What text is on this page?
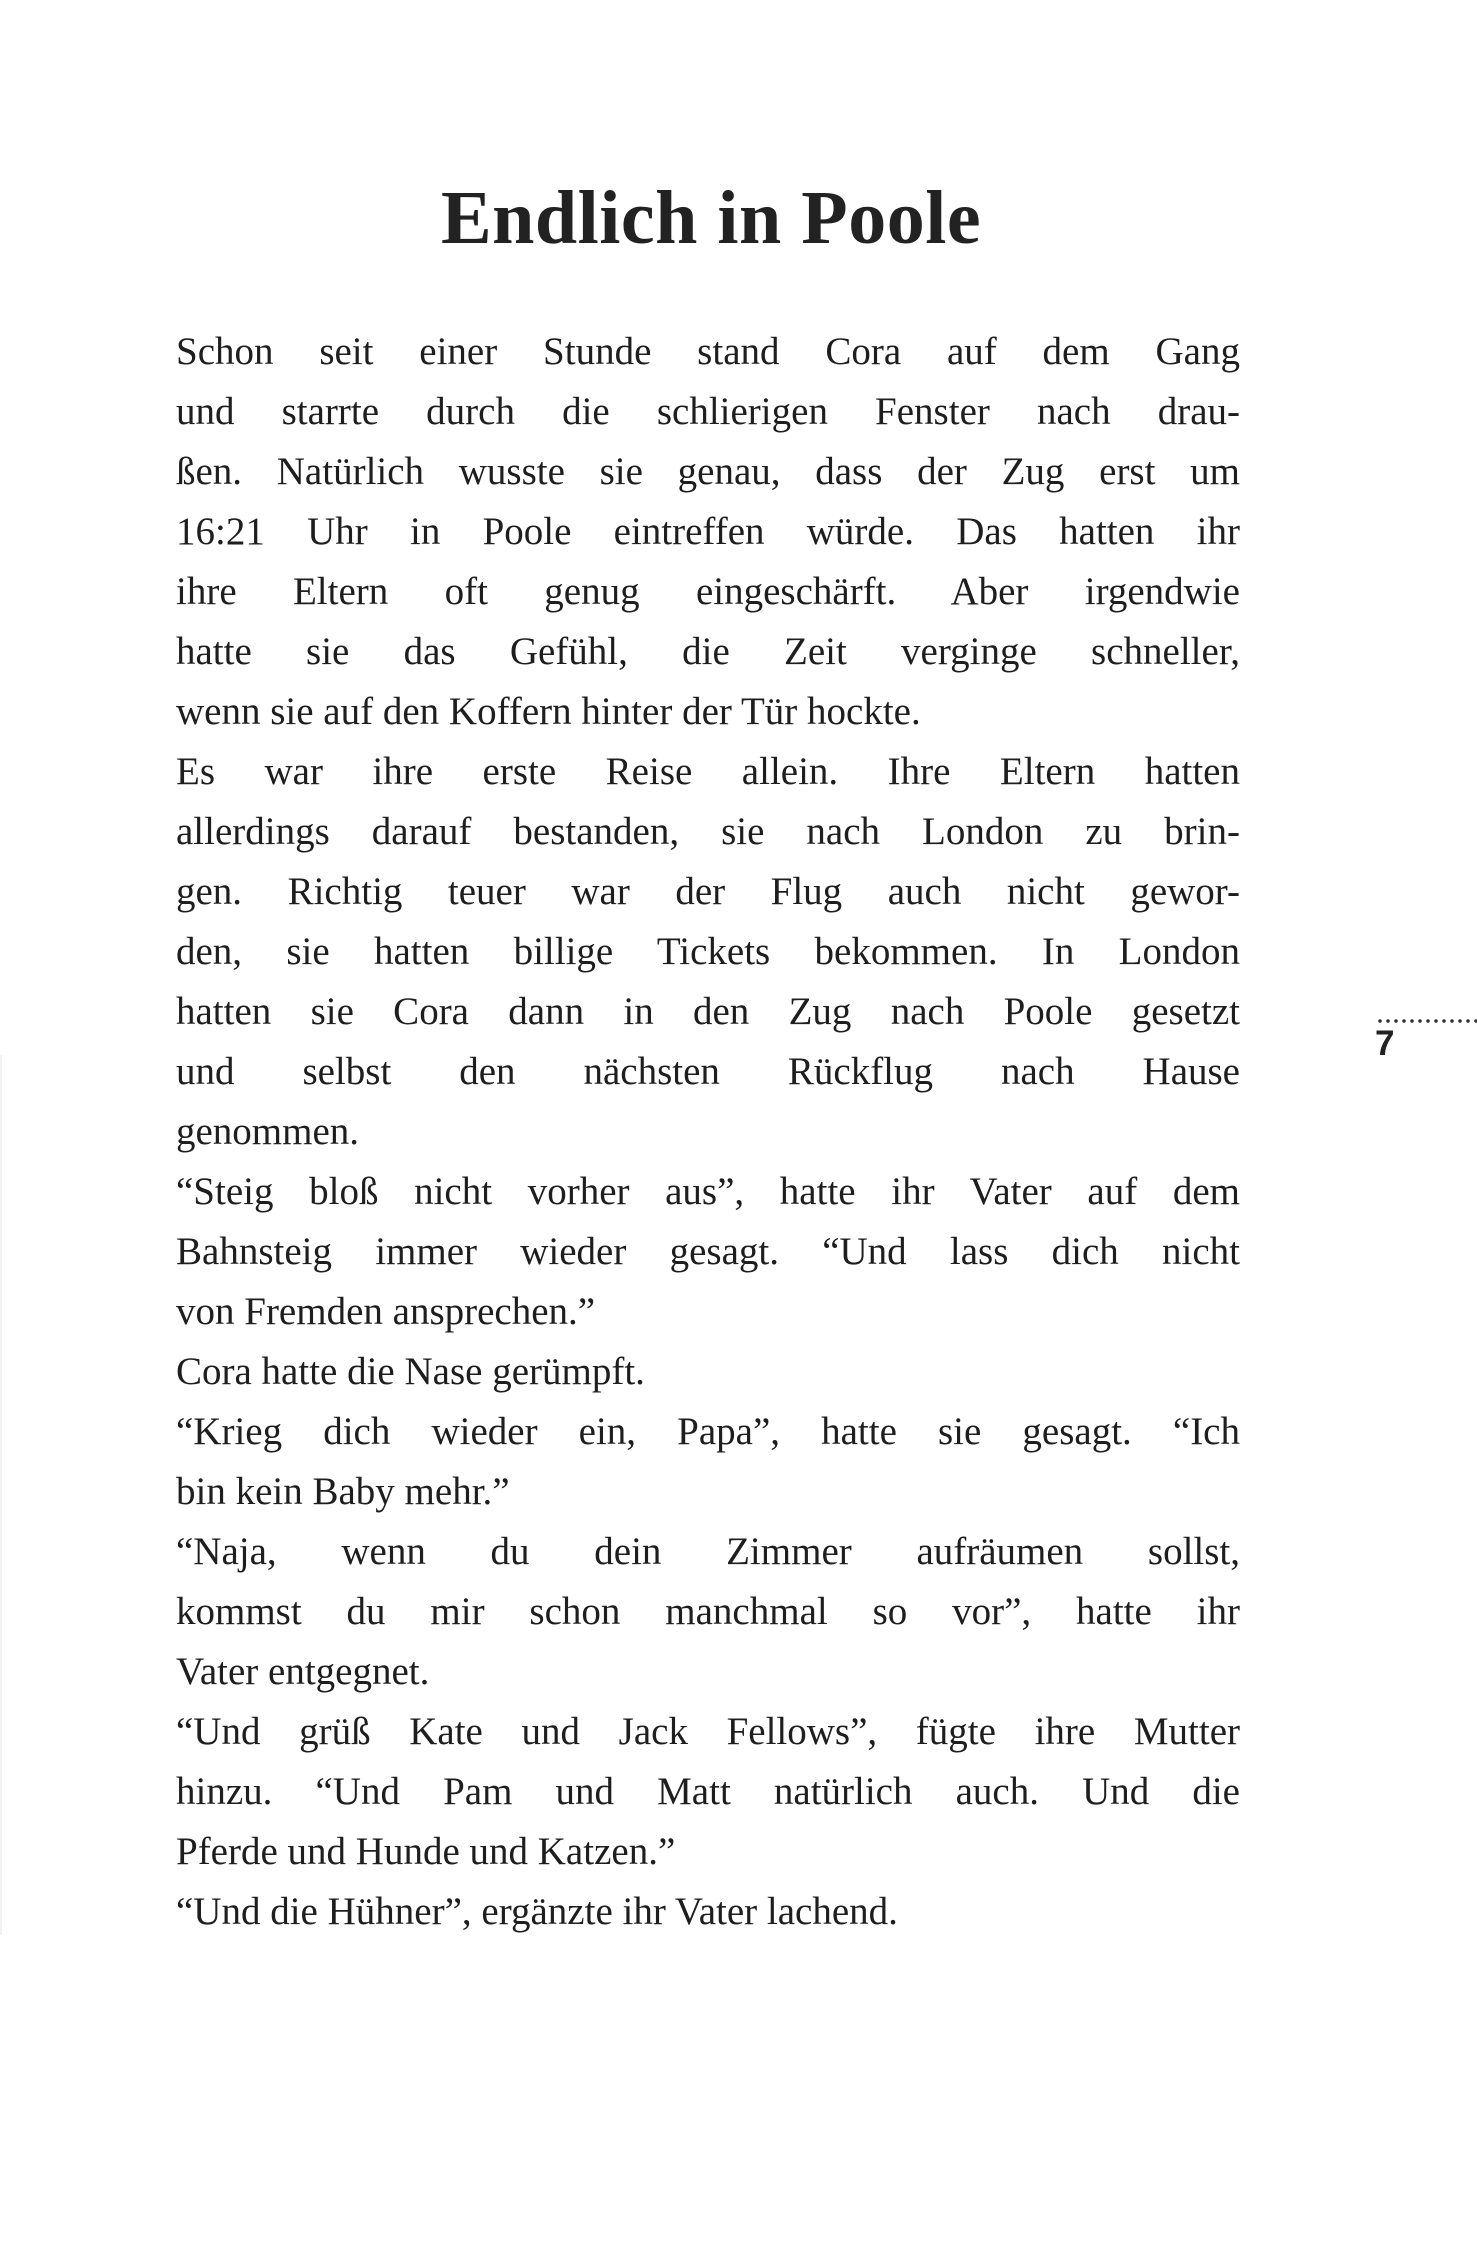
Endlich in Poole
Schon seit einer Stunde stand Cora auf dem Gang
und starrte durch die schlierigen Fenster nach drau-
ßen. Natürlich wusste sie genau, dass der Zug erst um
16:21 Uhr in Poole eintreffen würde. Das hatten ihr
ihre Eltern oft genug eingeschärft. Aber irgendwie
hatte sie das Gefühl, die Zeit verginge schneller,
wenn sie auf den Koffern hinter der Tür hockte.
Es war ihre erste Reise allein. Ihre Eltern hatten
allerdings darauf bestanden, sie nach London zu brin-
gen. Richtig teuer war der Flug auch nicht gewor-
den, sie hatten billige Tickets bekommen. In London
hatten sie Cora dann in den Zug nach Poole gesetzt
und selbst den nächsten Rückflug nach Hause
genommen.
“Steig bloß nicht vorher aus”, hatte ihr Vater auf dem
Bahnsteig immer wieder gesagt. “Und lass dich nicht
von Fremden ansprechen.”
Cora hatte die Nase gerümpft.
“Krieg dich wieder ein, Papa”, hatte sie gesagt. “Ich
bin kein Baby mehr.”
“Naja, wenn du dein Zimmer aufräumen sollst,
kommst du mir schon manchmal so vor”, hatte ihr
Vater entgegnet.
“Und grüß Kate und Jack Fellows”, fügte ihre Mutter
hinzu. “Und Pam und Matt natürlich auch. Und die
Pferde und Hunde und Katzen.”
“Und die Hühner”, ergänzte ihr Vater lachend.
7
